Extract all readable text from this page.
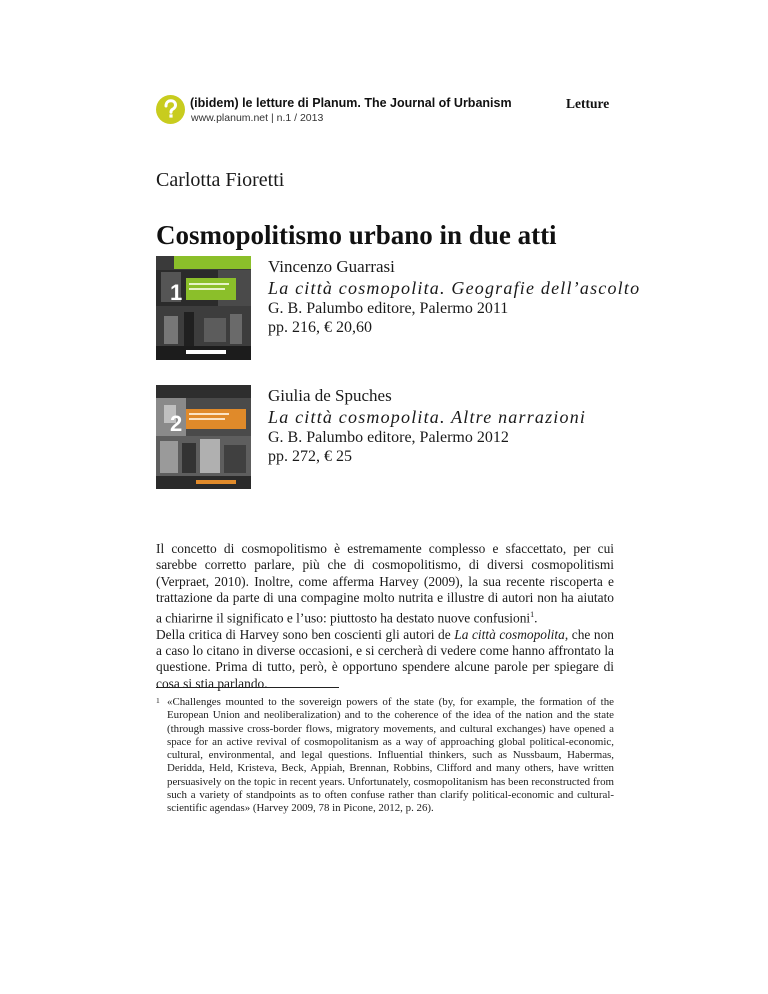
(ibidem) le letture di Planum. The Journal of Urbanism
www.planum.net | n.1 / 2013
Letture
Carlotta Fioretti
Cosmopolitismo urbano in due atti
1
Vincenzo Guarrasi
La città cosmopolita. Geografie dell’ascolto
G. B. Palumbo editore, Palermo 2011
pp. 216, € 20,60
2
Giulia de Spuches
La città cosmopolita. Altre narrazioni
G. B. Palumbo editore, Palermo 2012
pp. 272, € 25

Il concetto di cosmopolitismo è estremamente complesso e sfaccettato, per cui sarebbe corretto parlare, più che di cosmopolitismo, di diversi cosmopolitismi (Verpraet, 2010). Inoltre, come afferma Harvey (2009), la sua recente riscoperta e trattazione da parte di una compagine molto nutrita e illustre di autori non ha aiutato a chiarirne il significato e l’uso: piuttosto ha destato nuove confusioni$^1$.

Della critica di Harvey sono ben coscienti gli autori de La città cosmopolita, che non a caso lo citano in diverse occasioni, e si cercherà di vedere come hanno affrontato la questione. Prima di tutto, però, è opportuno spendere alcune parole per spiegare di cosa si stia parlando.

1 «Challenges mounted to the sovereign powers of the state (by, for example, the formation of the European Union and neoliberalization) and to the coherence of the idea of the nation and the state (through massive cross-border flows, migratory movements, and cultural exchanges) have opened a space for an active revival of cosmopolitanism as a way of approaching global political-economic, cultural, environmental, and legal questions. Influential thinkers, such as Nussbaum, Habermas, Deridda, Held, Kristeva, Beck, Appiah, Brennan, Robbins, Clifford and many others, have written persuasively on the topic in recent years. Unfortunately, cosmopolitanism has been reconstructed from such a variety of standpoints as to often confuse rather than clarify political-economic and cultural-scientific agendas» (Harvey 2009, 78 in Picone, 2012, p. 26).
